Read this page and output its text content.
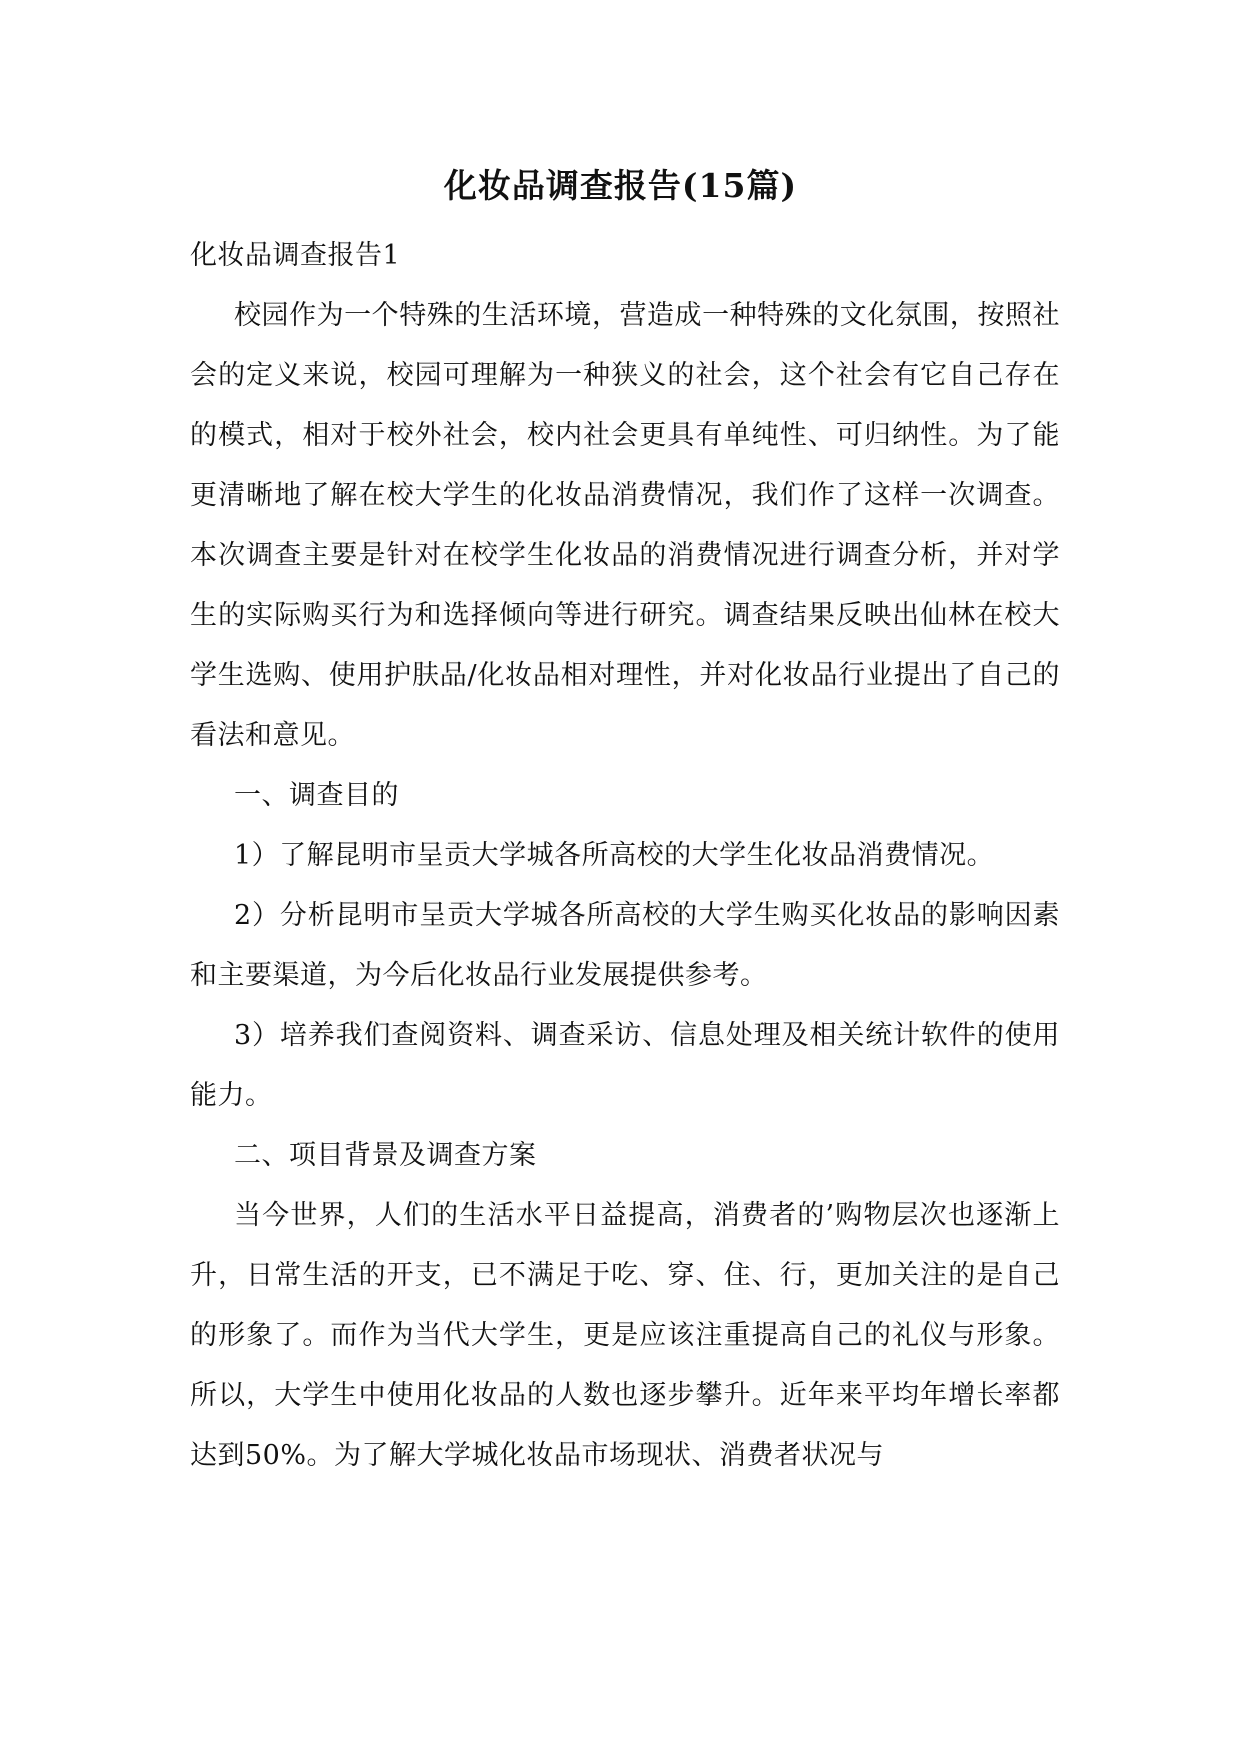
化妆品调查报告(15篇)

化妆品调查报告1

校园作为一个特殊的生活环境，营造成一种特殊的文化氛围，按照社会的定义来说，校园可理解为一种狭义的社会，这个社会有它自己存在的模式，相对于校外社会，校内社会更具有单纯性、可归纳性。为了能更清晰地了解在校大学生的化妆品消费情况，我们作了这样一次调查。本次调查主要是针对在校学生化妆品的消费情况进行调查分析，并对学生的实际购买行为和选择倾向等进行研究。调查结果反映出仙林在校大学生选购、使用护肤品/化妆品相对理性，并对化妆品行业提出了自己的看法和意见。

一、调查目的

1）了解昆明市呈贡大学城各所高校的大学生化妆品消费情况。

2）分析昆明市呈贡大学城各所高校的大学生购买化妆品的影响因素和主要渠道，为今后化妆品行业发展提供参考。

3）培养我们查阅资料、调查采访、信息处理及相关统计软件的使用能力。

二、项目背景及调查方案

当今世界，人们的生活水平日益提高，消费者的’购物层次也逐渐上升，日常生活的开支，已不满足于吃、穿、住、行，更加关注的是自己的形象了。而作为当代大学生，更是应该注重提高自己的礼仪与形象。所以，大学生中使用化妆品的人数也逐步攀升。近年来平均年增长率都达到50%。为了解大学城化妆品市场现状、消费者状况与
